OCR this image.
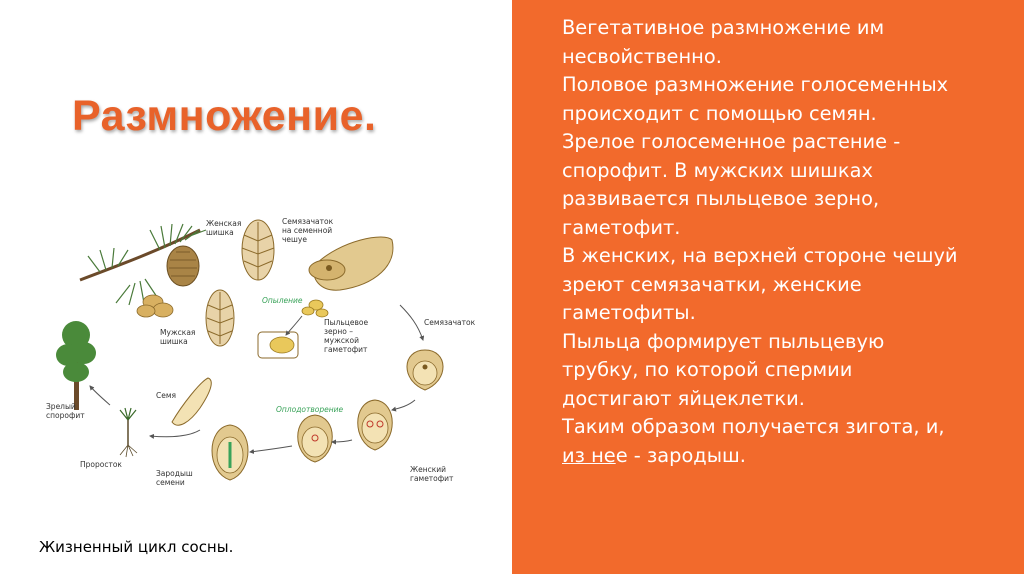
Размножение.

Вегетативное размножение им несвойственно.

Половое размножение голосеменных происходит с помощью семян.

Зрелое голосеменное растение - спорофит. В мужских шишках развивается пыльцевое зерно, гаметофит.

В женских, на верхней стороне чешуй зреют семязачатки, женские гаметофиты.

Пыльца формирует пыльцевую трубку, по которой спермии достигают яйцеклетки.

Таким образом получается зигота, и, из нее - зародыш.

Женская
шишка
Семязачаток
на семенной
чешуе
Опыление
Пыльцевое
зерно –
мужской
гаметофит
Семязачаток
Мужская
шишка
Семя
Оплодотворение
Зрелый
спорофит
Проросток
Зародыш
семени
Женский
гаметофит
Жизненный цикл сосны.
